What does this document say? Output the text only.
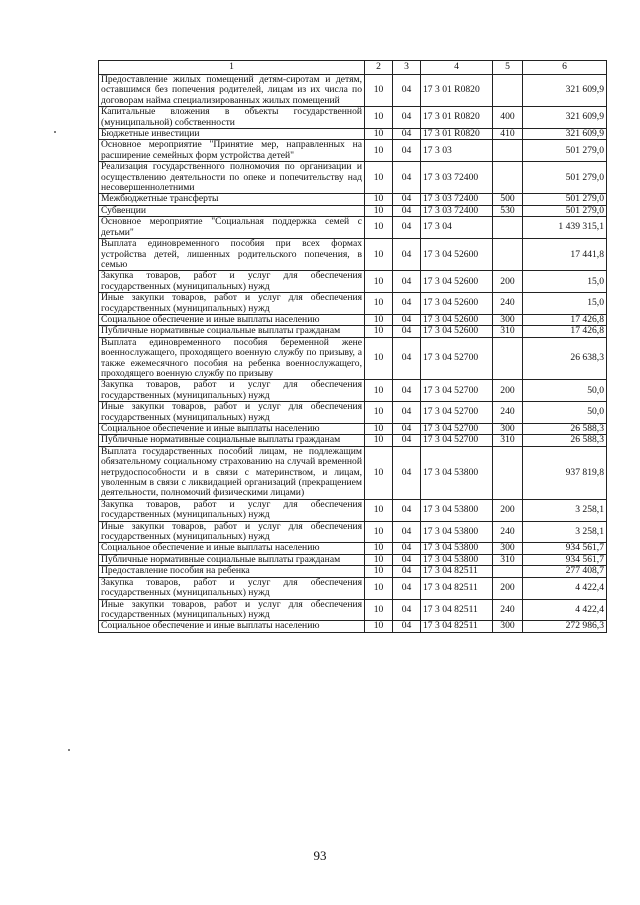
1	2	3	4	5	6
Предоставление жилых помещений детям-сиротам и детям, оставшимся без попечения родителей, лицам из их числа по договорам найма специализированных жилых помещений	10	04	17 3 01 R0820		321 609,9
Капитальные вложения в объекты государственной (муниципальной) собственности	10	04	17 3 01 R0820	400	321 609,9
Бюджетные инвестиции	10	04	17 3 01 R0820	410	321 609,9
Основное мероприятие "Принятие мер, направленных на расширение семейных форм устройства детей"	10	04	17 3 03		501 279,0
Реализация государственного полномочия по организации и осуществлению деятельности по опеке и попечительству над несовершеннолетними	10	04	17 3 03 72400		501 279,0
Межбюджетные трансферты	10	04	17 3 03 72400	500	501 279,0
Субвенции	10	04	17 3 03 72400	530	501 279,0
Основное мероприятие "Социальная поддержка семей с детьми"	10	04	17 3 04		1 439 315,1
Выплата единовременного пособия при всех формах устройства детей, лишенных родительского попечения, в семью	10	04	17 3 04 52600		17 441,8
Закупка товаров, работ и услуг для обеспечения государственных (муниципальных) нужд	10	04	17 3 04 52600	200	15,0
Иные закупки товаров, работ и услуг для обеспечения государственных (муниципальных) нужд	10	04	17 3 04 52600	240	15,0
Социальное обеспечение и иные выплаты населению	10	04	17 3 04 52600	300	17 426,8
Публичные нормативные социальные выплаты гражданам	10	04	17 3 04 52600	310	17 426,8
Выплата единовременного пособия беременной жене военнослужащего, проходящего военную службу по призыву, а также ежемесячного пособия на ребенка военнослужащего, проходящего военную службу по призыву	10	04	17 3 04 52700		26 638,3
Закупка товаров, работ и услуг для обеспечения государственных (муниципальных) нужд	10	04	17 3 04 52700	200	50,0
Иные закупки товаров, работ и услуг для обеспечения государственных (муниципальных) нужд	10	04	17 3 04 52700	240	50,0
Социальное обеспечение и иные выплаты населению	10	04	17 3 04 52700	300	26 588,3
Публичные нормативные социальные выплаты гражданам	10	04	17 3 04 52700	310	26 588,3
Выплата государственных пособий лицам, не подлежащим обязательному социальному страхованию на случай временной нетрудоспособности и в связи с материнством, и лицам, уволенным в связи с ликвидацией организаций (прекращением деятельности, полномочий физическими лицами)	10	04	17 3 04 53800		937 819,8
Закупка товаров, работ и услуг для обеспечения государственных (муниципальных) нужд	10	04	17 3 04 53800	200	3 258,1
Иные закупки товаров, работ и услуг для обеспечения государственных (муниципальных) нужд	10	04	17 3 04 53800	240	3 258,1
Социальное обеспечение и иные выплаты населению	10	04	17 3 04 53800	300	934 561,7
Публичные нормативные социальные выплаты гражданам	10	04	17 3 04 53800	310	934 561,7
Предоставление пособия на ребенка	10	04	17 3 04 82511		277 408,7
Закупка товаров, работ и услуг для обеспечения государственных (муниципальных) нужд	10	04	17 3 04 82511	200	4 422,4
Иные закупки товаров, работ и услуг для обеспечения государственных (муниципальных) нужд	10	04	17 3 04 82511	240	4 422,4
Социальное обеспечение и иные выплаты населению	10	04	17 3 04 82511	300	272 986,3
93
